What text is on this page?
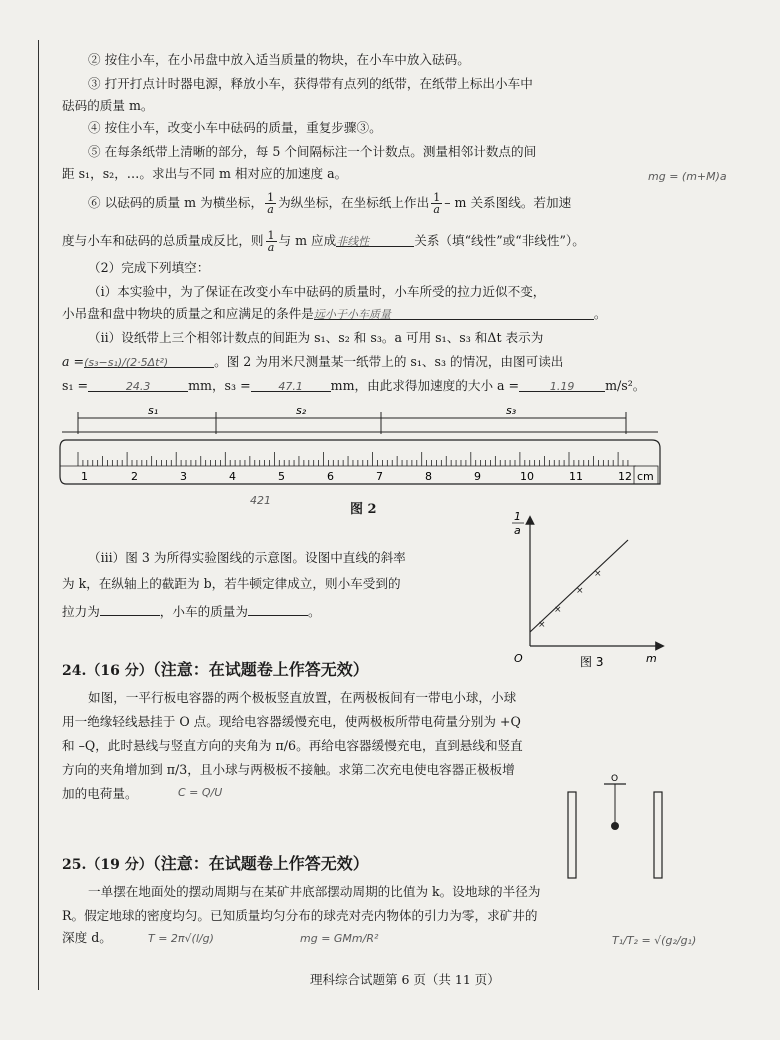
② 按住小车，在小吊盘中放入适当质量的物块，在小车中放入砝码。
③ 打开打点计时器电源，释放小车，获得带有点列的纸带，在纸带上标出小车中
砝码的质量 m。
④ 按住小车，改变小车中砝码的质量，重复步骤③。
⑤ 在每条纸带上清晰的部分，每 5 个间隔标注一个计数点。测量相邻计数点的间
距 s₁，s₂，…。求出与不同 m 相对应的加速度 a。
⑥ 以砝码的质量 m 为横坐标， $\frac{1}{a}$ 为纵坐标，在坐标纸上作出 $\frac{1}{a}$ – m 关系图线。若加速
度与小车和砝码的总质量成反比，则 $\frac{1}{a}$ 与 m 应成非线性	关系（填“线性”或“非线性”）。
（2）完成下列填空：
（i）本实验中，为了保证在改变小车中砝码的质量时，小车所受的拉力近似不变，
小吊盘和盘中物块的质量之和应满足的条件是远小于小车质量	。
（ii）设纸带上三个相邻计数点的间距为 s₁、s₂ 和 s₃。a 可用 s₁、s₃ 和Δt 表示为
a =(s₃−s₁)/(2·5Δt²)	。图 2 为用米尺测量某一纸带上的 s₁、s₃ 的情况，由图可读出
s₁ =	24.3	mm，s₃ =	47.1 mm，由此求得加速度的大小 a =	1.19 m/s²。
s₁	s₂	s₃
1	2	3	4	5	6	7	8	9	10	11	12 cm
图 2
421
（iii）图 3 为所得实验图线的示意图。设图中直线的斜率
为 k，在纵轴上的截距为 b，若牛顿定律成立，则小车受到的
拉力为	，小车的质量为	。
×
×
×
×
1
a
m
O	图 3
24.（16 分）（注意：在试题卷上作答无效）
如图，一平行板电容器的两个极板竖直放置，在两极板间有一带电小球，小球
用一绝缘轻线悬挂于 O 点。现给电容器缓慢充电，使两极板所带电荷量分别为 +Q
和 –Q，此时悬线与竖直方向的夹角为 π/6。再给电容器缓慢充电，直到悬线和竖直
方向的夹角增加到 π/3，且小球与两极板不接触。求第二次充电使电容器正极板增
加的电荷量。	C = Q/U
O
25.（19 分）（注意：在试题卷上作答无效）
一单摆在地面处的摆动周期与在某矿井底部摆动周期的比值为 k。设地球的半径为
R。假定地球的密度均匀。已知质量均匀分布的球壳对壳内物体的引力为零，求矿井的
深度 d。	T = 2π√(l/g)	mg = GMm/R²	T₁/T₂ = √(g₂/g₁)
mg = (m+M)a
理科综合试题第 6 页（共 11 页）
